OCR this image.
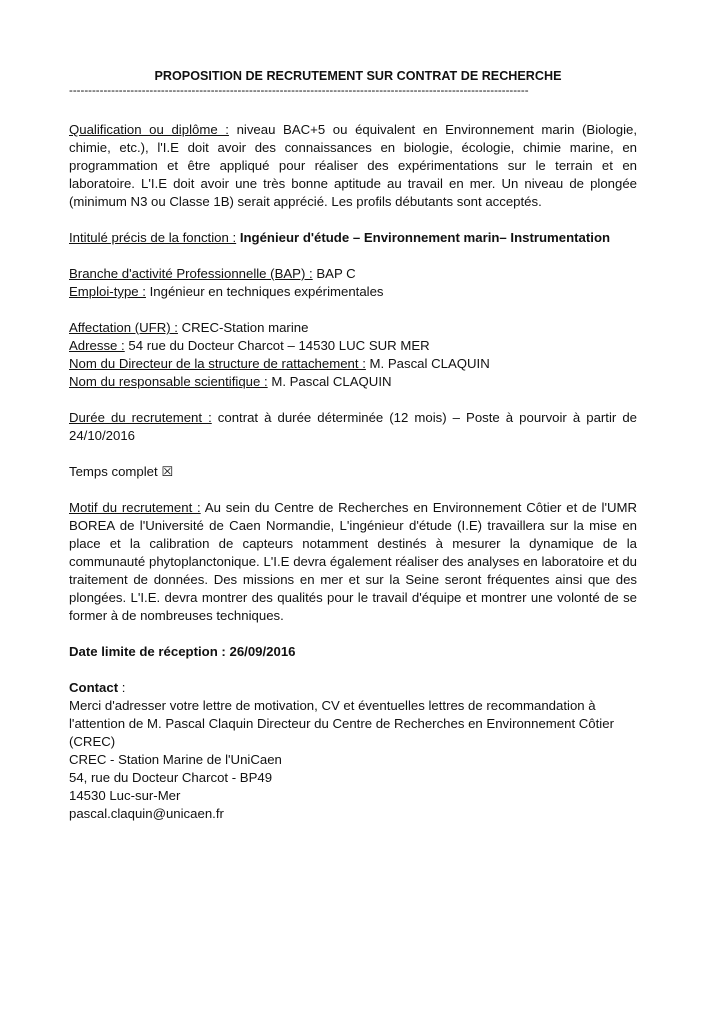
PROPOSITION DE RECRUTEMENT SUR CONTRAT DE RECHERCHE

------------------------------------------------------------------------------------------------------------------------

Qualification ou diplôme : niveau BAC+5 ou équivalent en Environnement marin (Biologie, chimie, etc.), l'I.E doit avoir des connaissances en biologie, écologie, chimie marine, en programmation et être appliqué pour réaliser des expérimentations sur le terrain et en laboratoire. L'I.E doit avoir une très bonne aptitude au travail en mer. Un niveau de plongée (minimum N3 ou Classe 1B) serait apprécié. Les profils débutants sont acceptés.

Intitulé précis de la fonction : Ingénieur d'étude – Environnement marin– Instrumentation

Branche d'activité Professionnelle (BAP) : BAP C

Emploi-type : Ingénieur en techniques expérimentales

Affectation (UFR) : CREC-Station marine

Adresse : 54 rue du Docteur Charcot – 14530 LUC SUR MER

Nom du Directeur de la structure de rattachement : M. Pascal CLAQUIN

Nom du responsable scientifique : M. Pascal CLAQUIN

Durée du recrutement : contrat à durée déterminée (12 mois) – Poste à pourvoir à partir de 24/10/2016

Temps complet ☒

Motif du recrutement : Au sein du Centre de Recherches en Environnement Côtier et de l'UMR BOREA de l'Université de Caen Normandie, L'ingénieur d'étude (I.E) travaillera sur la mise en place et la calibration de capteurs notamment destinés à mesurer la dynamique de la communauté phytoplanctonique. L'I.E devra également réaliser des analyses en laboratoire et du traitement de données. Des missions en mer et sur la Seine seront fréquentes ainsi que des plongées. L'I.E. devra montrer des qualités pour le travail d'équipe et montrer une volonté de se former à de nombreuses techniques.

Date limite de réception : 26/09/2016

Contact :

Merci d'adresser votre lettre de motivation, CV et éventuelles lettres de recommandation à

l'attention de M. Pascal Claquin Directeur du Centre de Recherches en Environnement Côtier

(CREC)

CREC - Station Marine de l'UniCaen

54, rue du Docteur Charcot - BP49

14530 Luc-sur-Mer

pascal.claquin@unicaen.fr
